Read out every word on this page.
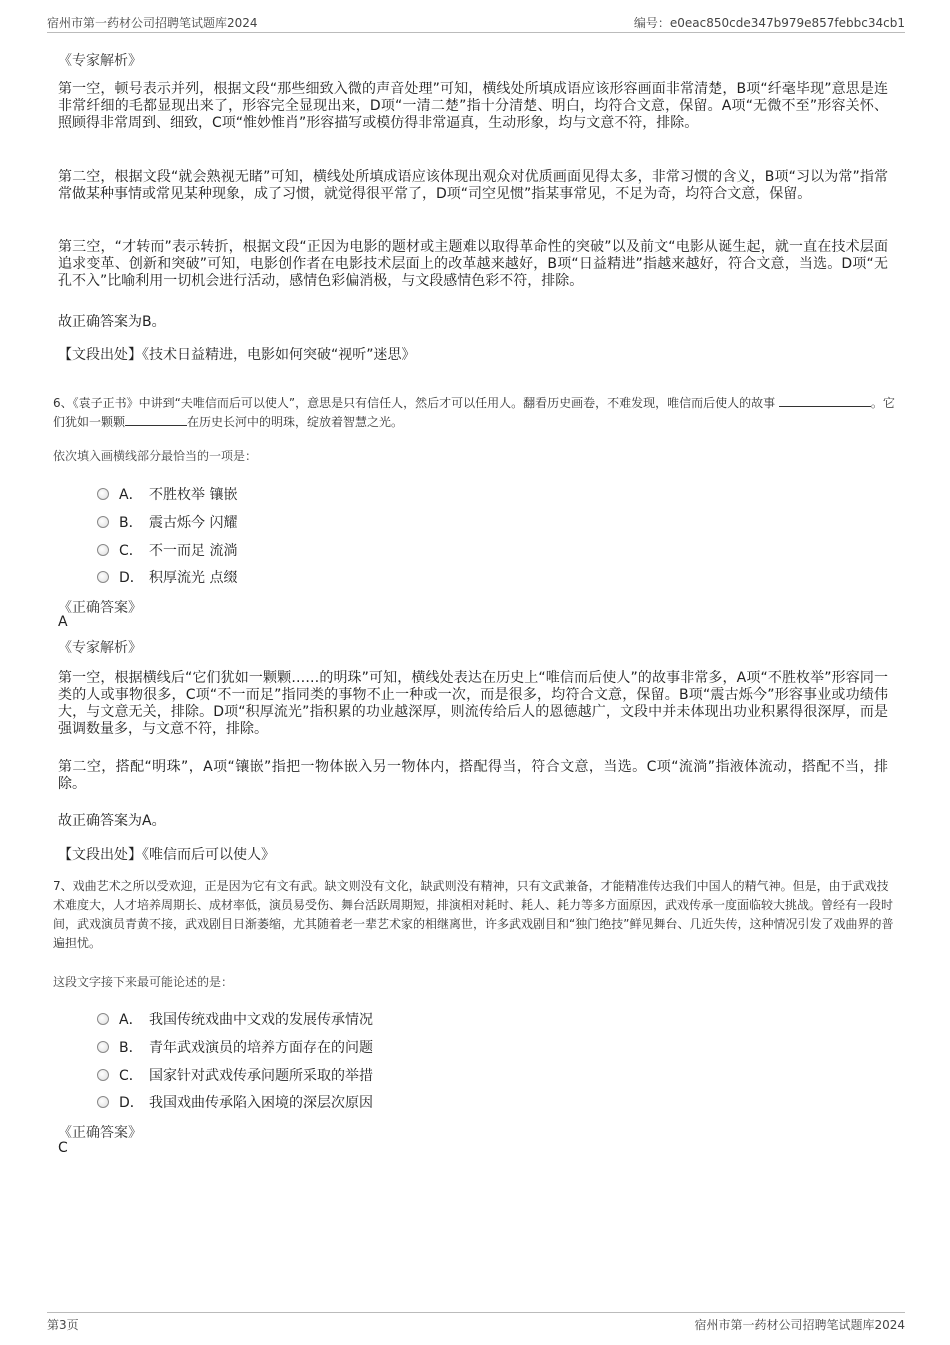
宿州市第一药材公司招聘笔试题库2024	编号：e0eac850cde347b979e857febbc34cb1
《专家解析》
第一空，顿号表示并列，根据文段“那些细致入微的声音处理”可知，横线处所填成语应该形容画面非常清楚，B项“纤毫毕现”意思是连非常纤细的毛都显现出来了，形容完全显现出来，D项“一清二楚”指十分清楚、明白，均符合文意，保留。A项“无微不至”形容关怀、照顾得非常周到、细致，C项“惟妙惟肖”形容描写或模仿得非常逼真，生动形象，均与文意不符，排除。
第二空，根据文段“就会熟视无睹”可知，横线处所填成语应该体现出观众对优质画面见得太多，非常习惯的含义，B项“习以为常”指常常做某种事情或常见某种现象，成了习惯，就觉得很平常了，D项“司空见惯”指某事常见，不足为奇，均符合文意，保留。
第三空，“才转而”表示转折，根据文段“正因为电影的题材或主题难以取得革命性的突破”以及前文“电影从诞生起，就一直在技术层面追求变革、创新和突破”可知，电影创作者在电影技术层面上的改革越来越好，B项“日益精进”指越来越好，符合文意，当选。D项“无孔不入”比喻利用一切机会进行活动，感情色彩偏消极，与文段感情色彩不符，排除。
故正确答案为B。
【文段出处】《技术日益精进，电影如何突破“视听”迷思》
6、《袁子正书》中讲到“夫唯信而后可以使人”，意思是只有信任人，然后才可以任用人。翻看历史画卷，不难发现，唯信而后使人的故事	。它们犹如一颗颗	在历史长河中的明珠，绽放着智慧之光。
依次填入画横线部分最恰当的一项是：
A． 不胜枚举 镶嵌
B． 震古烁今 闪耀
C． 不一而足 流淌
D． 积厚流光 点缀
《正确答案》
A
《专家解析》
第一空，根据横线后“它们犹如一颗颗……的明珠”可知，横线处表达在历史上“唯信而后使人”的故事非常多，A项“不胜枚举”形容同一类的人或事物很多，C项“不一而足”指同类的事物不止一种或一次，而是很多，均符合文意，保留。B项“震古烁今”形容事业或功绩伟大，与文意无关，排除。D项“积厚流光”指积累的功业越深厚，则流传给后人的恩德越广，文段中并未体现出功业积累得很深厚，而是强调数量多，与文意不符，排除。
第二空，搭配“明珠”，A项“镶嵌”指把一物体嵌入另一物体内，搭配得当，符合文意，当选。C项“流淌”指液体流动，搭配不当，排除。
故正确答案为A。
【文段出处】《唯信而后可以使人》
7、戏曲艺术之所以受欢迎，正是因为它有文有武。缺文则没有文化，缺武则没有精神，只有文武兼备，才能精准传达我们中国人的精气神。但是，由于武戏技术难度大，人才培养周期长、成材率低，演员易受伤、舞台活跃周期短，排演相对耗时、耗人、耗力等多方面原因，武戏传承一度面临较大挑战。曾经有一段时间，武戏演员青黄不接，武戏剧目日渐萎缩，尤其随着老一辈艺术家的相继离世，许多武戏剧目和“独门绝技”鲜见舞台、几近失传，这种情况引发了戏曲界的普遍担忧。
这段文字接下来最可能论述的是：
A． 我国传统戏曲中文戏的发展传承情况
B． 青年武戏演员的培养方面存在的问题
C． 国家针对武戏传承问题所采取的举措
D． 我国戏曲传承陷入困境的深层次原因
《正确答案》
C
第3页	宿州市第一药材公司招聘笔试题库2024
